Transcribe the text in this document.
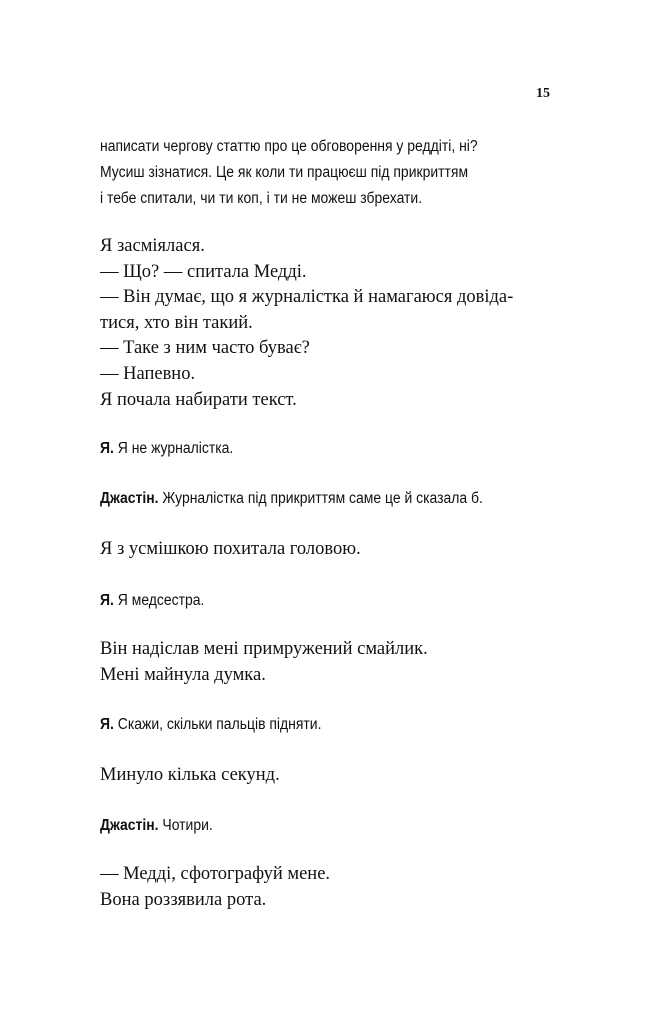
15
написати чергову статтю про це обговорення у реддіті, ні?
Мусиш зізнатися. Це як коли ти працюєш під прикриттям
і тебе спитали, чи ти коп, і ти не можеш збрехати.
Я засміялася.
— Що? — спитала Медді.
— Він думає, що я журналістка й намагаюся довіда-
тися, хто він такий.
— Таке з ним часто буває?
— Напевно.
Я почала набирати текст.
Я. Я не журналістка.
Джастін. Журналістка під прикриттям саме це й сказала б.
Я з усмішкою похитала головою.
Я. Я медсестра.
Він надіслав мені примружений смайлик.
Мені майнула думка.
Я. Скажи, скільки пальців підняти.
Минуло кілька секунд.
Джастін. Чотири.
— Медді, сфотографуй мене.
Вона роззявила рота.
